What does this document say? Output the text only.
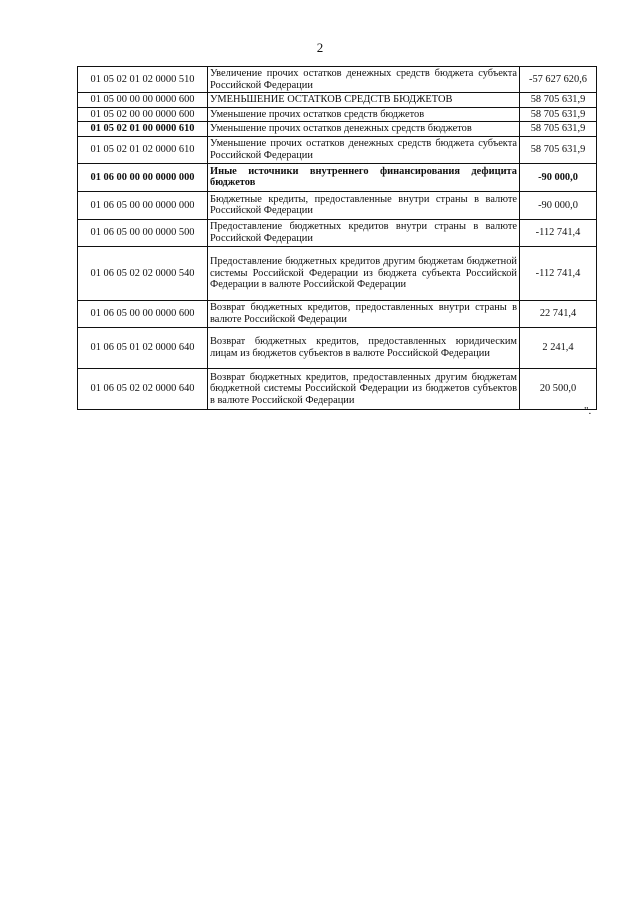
2
01 05 02 01 02 0000 510	Увеличение прочих остатков денежных средств бюджета субъекта Российской Федерации	-57 627 620,6
01 05 00 00 00 0000 600	УМЕНЬШЕНИЕ ОСТАТКОВ СРЕДСТВ БЮДЖЕТОВ	58 705 631,9
01 05 02 00 00 0000 600	Уменьшение прочих остатков средств бюджетов	58 705 631,9
01 05 02 01 00 0000 610	Уменьшение прочих остатков денежных средств бюджетов	58 705 631,9
01 05 02 01 02 0000 610	Уменьшение прочих остатков денежных средств бюджета субъекта Российской Федерации	58 705 631,9
01 06 00 00 00 0000 000	Иные источники внутреннего финансирования дефицита бюджетов	-90 000,0
01 06 05 00 00 0000 000	Бюджетные кредиты, предоставленные внутри страны в валюте Российской Федерации	-90 000,0
01 06 05 00 00 0000 500	Предоставление бюджетных кредитов внутри страны в валюте Российской Федерации	-112 741,4
01 06 05 02 02 0000 540	Предоставление бюджетных кредитов другим бюджетам бюджетной системы Российской Федерации из бюджета субъекта Российской Федерации в валюте Российской Федерации	-112 741,4
01 06 05 00 00 0000 600	Возврат бюджетных кредитов, предоставленных внутри страны в валюте Российской Федерации	22 741,4
01 06 05 01 02 0000 640	Возврат бюджетных кредитов, предоставленных юридическим лицам из бюджетов субъектов в валюте Российской Федерации	2 241,4
01 06 05 02 02 0000 640	Возврат бюджетных кредитов, предоставленных другим бюджетам бюджетной системы Российской Федерации из бюджетов субъектов в валюте Российской Федерации	20 500,0
".
